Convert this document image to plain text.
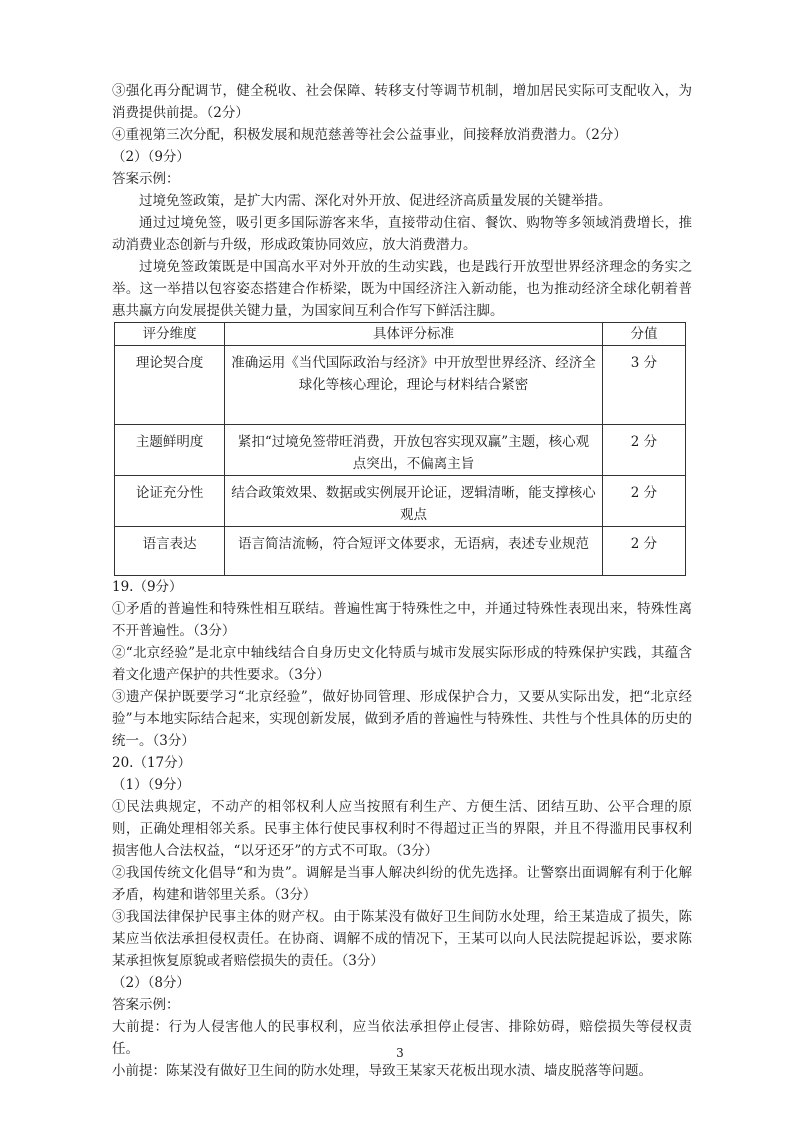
③强化再分配调节，健全税收、社会保障、转移支付等调节机制，增加居民实际可支配收入，为消费提供前提。（2分）

④重视第三次分配，积极发展和规范慈善等社会公益事业，间接释放消费潜力。（2分）

（2）（9分）

答案示例：

过境免签政策，是扩大内需、深化对外开放、促进经济高质量发展的关键举措。

通过过境免签，吸引更多国际游客来华，直接带动住宿、餐饮、购物等多领域消费增长，推动消费业态创新与升级，形成政策协同效应，放大消费潜力。

过境免签政策既是中国高水平对外开放的生动实践，也是践行开放型世界经济理念的务实之举。这一举措以包容姿态搭建合作桥梁，既为中国经济注入新动能，也为推动经济全球化朝着普惠共赢方向发展提供关键力量，为国家间互利合作写下鲜活注脚。

评分维度	具体评分标准	分值
理论契合度	准确运用《当代国际政治与经济》中开放型世界经济、经济全球化等核心理论，理论与材料结合紧密	3 分
主题鲜明度	紧扣“过境免签带旺消费，开放包容实现双赢”主题，核心观点突出，不偏离主旨	2 分
论证充分性	结合政策效果、数据或实例展开论证，逻辑清晰，能支撑核心观点	2 分
语言表达	语言简洁流畅，符合短评文体要求，无语病，表述专业规范	2 分

19.（9分）

①矛盾的普遍性和特殊性相互联结。普遍性寓于特殊性之中，并通过特殊性表现出来，特殊性离不开普遍性。（3分）

②“北京经验”是北京中轴线结合自身历史文化特质与城市发展实际形成的特殊保护实践，其蕴含着文化遗产保护的共性要求。（3分）

③遗产保护既要学习“北京经验”，做好协同管理、形成保护合力，又要从实际出发，把“北京经验”与本地实际结合起来，实现创新发展，做到矛盾的普遍性与特殊性、共性与个性具体的历史的统一。（3分）

20.（17分）

（1）（9分）

①民法典规定，不动产的相邻权利人应当按照有利生产、方便生活、团结互助、公平合理的原则，正确处理相邻关系。民事主体行使民事权利时不得超过正当的界限，并且不得滥用民事权利损害他人合法权益，“以牙还牙”的方式不可取。（3分）

②我国传统文化倡导“和为贵”。调解是当事人解决纠纷的优先选择。让警察出面调解有利于化解矛盾，构建和谐邻里关系。（3分）

③我国法律保护民事主体的财产权。由于陈某没有做好卫生间防水处理，给王某造成了损失，陈某应当依法承担侵权责任。在协商、调解不成的情况下，王某可以向人民法院提起诉讼，要求陈某承担恢复原貌或者赔偿损失的责任。（3分）

（2）（8分）

答案示例：

大前提：行为人侵害他人的民事权利，应当依法承担停止侵害、排除妨碍，赔偿损失等侵权责任。

小前提：陈某没有做好卫生间的防水处理，导致王某家天花板出现水渍、墙皮脱落等问题。

3
